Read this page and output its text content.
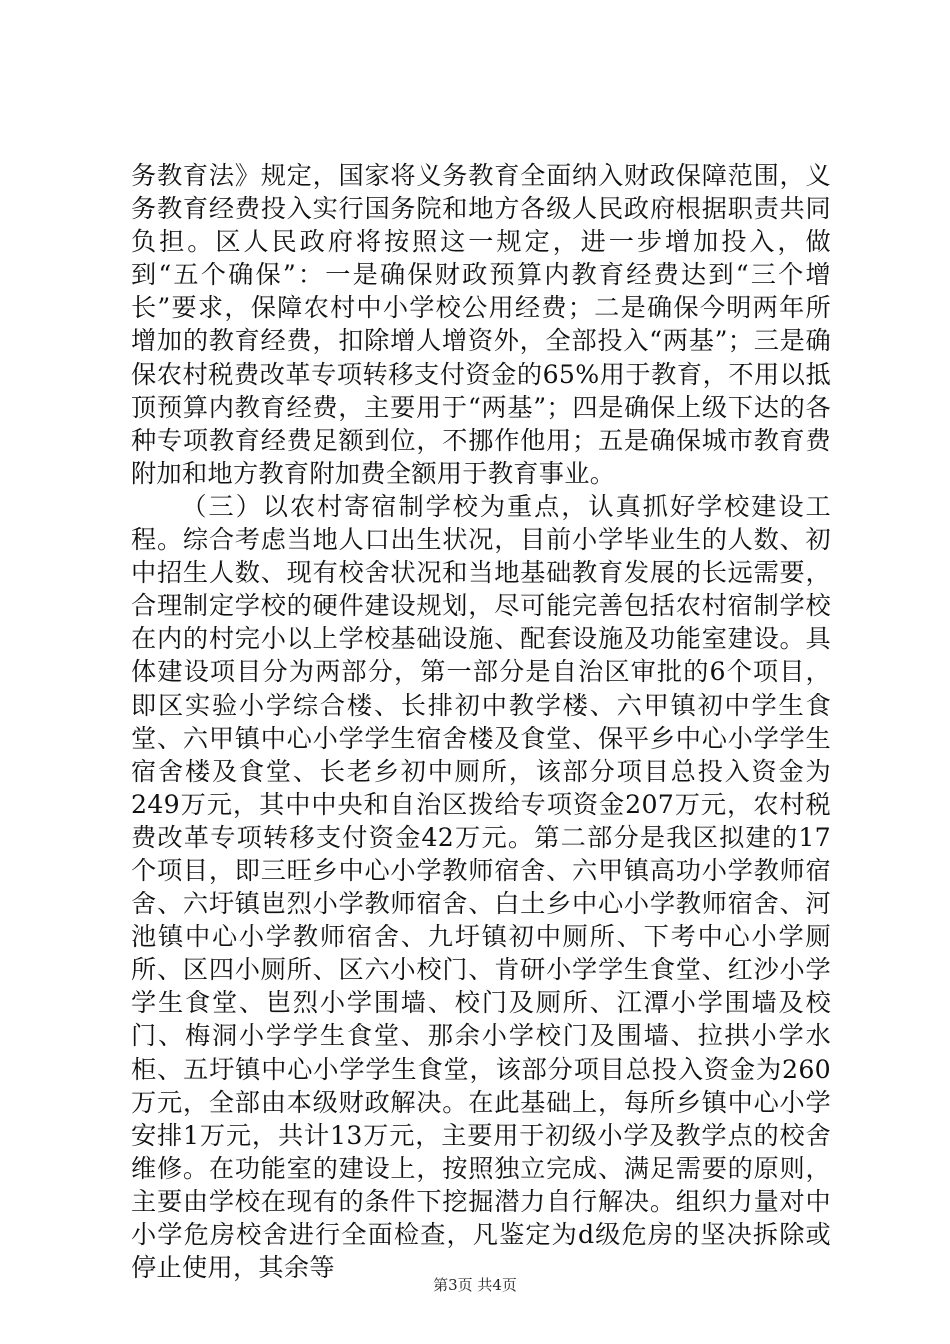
务教育法》规定，国家将义务教育全面纳入财政保障范围，义务教育经费投入实行国务院和地方各级人民政府根据职责共同负担。区人民政府将按照这一规定，进一步增加投入，做到“五个确保”：一是确保财政预算内教育经费达到“三个增长”要求，保障农村中小学校公用经费；二是确保今明两年所增加的教育经费，扣除增人增资外，全部投入“两基”；三是确保农村税费改革专项转移支付资金的65%用于教育，不用以抵顶预算内教育经费，主要用于“两基”；四是确保上级下达的各种专项教育经费足额到位，不挪作他用；五是确保城市教育费附加和地方教育附加费全额用于教育事业。

（三）以农村寄宿制学校为重点，认真抓好学校建设工程。综合考虑当地人口出生状况，目前小学毕业生的人数、初中招生人数、现有校舍状况和当地基础教育发展的长远需要，合理制定学校的硬件建设规划，尽可能完善包括农村宿制学校在内的村完小以上学校基础设施、配套设施及功能室建设。具体建设项目分为两部分，第一部分是自治区审批的6个项目，即区实验小学综合楼、长排初中教学楼、六甲镇初中学生食堂、六甲镇中心小学学生宿舍楼及食堂、保平乡中心小学学生宿舍楼及食堂、长老乡初中厕所，该部分项目总投入资金为249万元，其中中央和自治区拨给专项资金207万元，农村税费改革专项转移支付资金42万元。第二部分是我区拟建的17个项目，即三旺乡中心小学教师宿舍、六甲镇高功小学教师宿舍、六圩镇岜烈小学教师宿舍、白土乡中心小学教师宿舍、河池镇中心小学教师宿舍、九圩镇初中厕所、下考中心小学厕所、区四小厕所、区六小校门、肯研小学学生食堂、红沙小学学生食堂、岜烈小学围墙、校门及厕所、江潭小学围墙及校门、梅洞小学学生食堂、那余小学校门及围墙、拉拱小学水柜、五圩镇中心小学学生食堂，该部分项目总投入资金为260万元，全部由本级财政解决。在此基础上，每所乡镇中心小学安排1万元，共计13万元，主要用于初级小学及教学点的校舍维修。在功能室的建设上，按照独立完成、满足需要的原则，主要由学校在现有的条件下挖掘潜力自行解决。组织力量对中小学危房校舍进行全面检查，凡鉴定为d级危房的坚决拆除或停止使用，其余等

第3页 共4页
